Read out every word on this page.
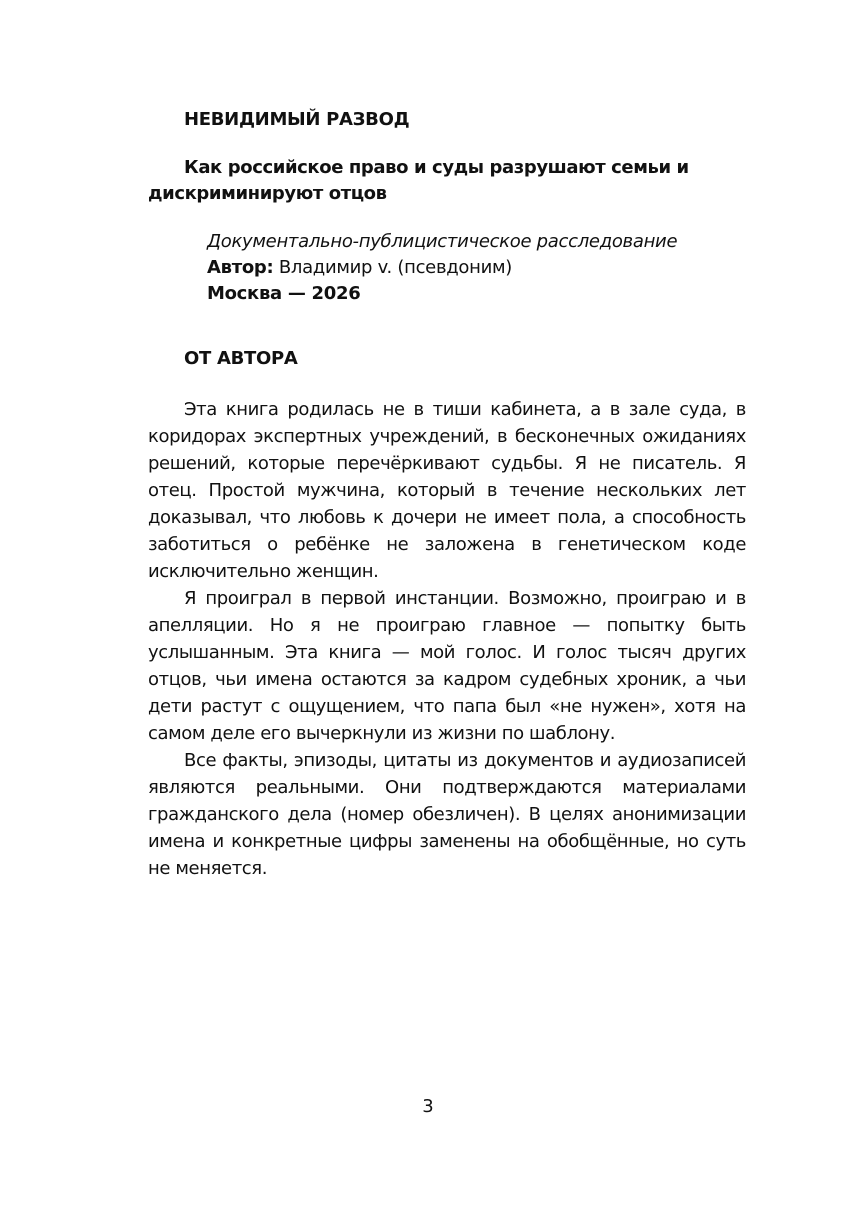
НЕВИДИМЫЙ РАЗВОД
Как российское право и суды разрушают семьи и дискриминируют отцов
Документально-публицистическое расследование
Автор: Владимир v. (псевдоним)
Москва — 2026
ОТ АВТОРА

Эта книга родилась не в тиши кабинета, а в зале суда, в коридорах экспертных учреждений, в бесконечных ожиданиях решений, которые перечёркивают судьбы. Я не писатель. Я отец. Простой мужчина, который в течение нескольких лет доказывал, что любовь к дочери не имеет пола, а способность заботиться о ребёнке не заложена в генетическом коде исключительно женщин.

Я проиграл в первой инстанции. Возможно, проиграю и в апелляции. Но я не проиграю главное — попытку быть услышанным. Эта книга — мой голос. И голос тысяч других отцов, чьи имена остаются за кадром судебных хроник, а чьи дети растут с ощущением, что папа был «не нужен», хотя на самом деле его вычеркнули из жизни по шаблону.

Все факты, эпизоды, цитаты из документов и аудиозаписей являются реальными. Они подтверждаются материалами гражданского дела (номер обезличен). В целях анонимизации имена и конкретные цифры заменены на обобщённые, но суть не меняется.

3
